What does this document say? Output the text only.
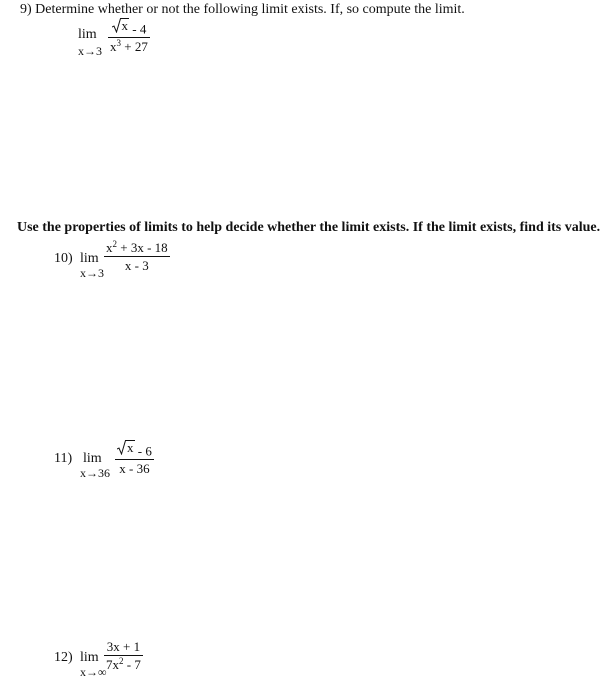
9) Determine whether or not the following limit exists. If, so compute the limit.
lim
x→3
x - 4
$x^3 + 27$
Use the properties of limits to help decide whether the limit exists. If the limit exists, find its value.
10) lim
x→3
$x^2 + 3x - 18$
x - 3
11) lim
x→36
x - 6
x - 36
12) lim
x→∞
3x + 1
$7x^2 - 7$
